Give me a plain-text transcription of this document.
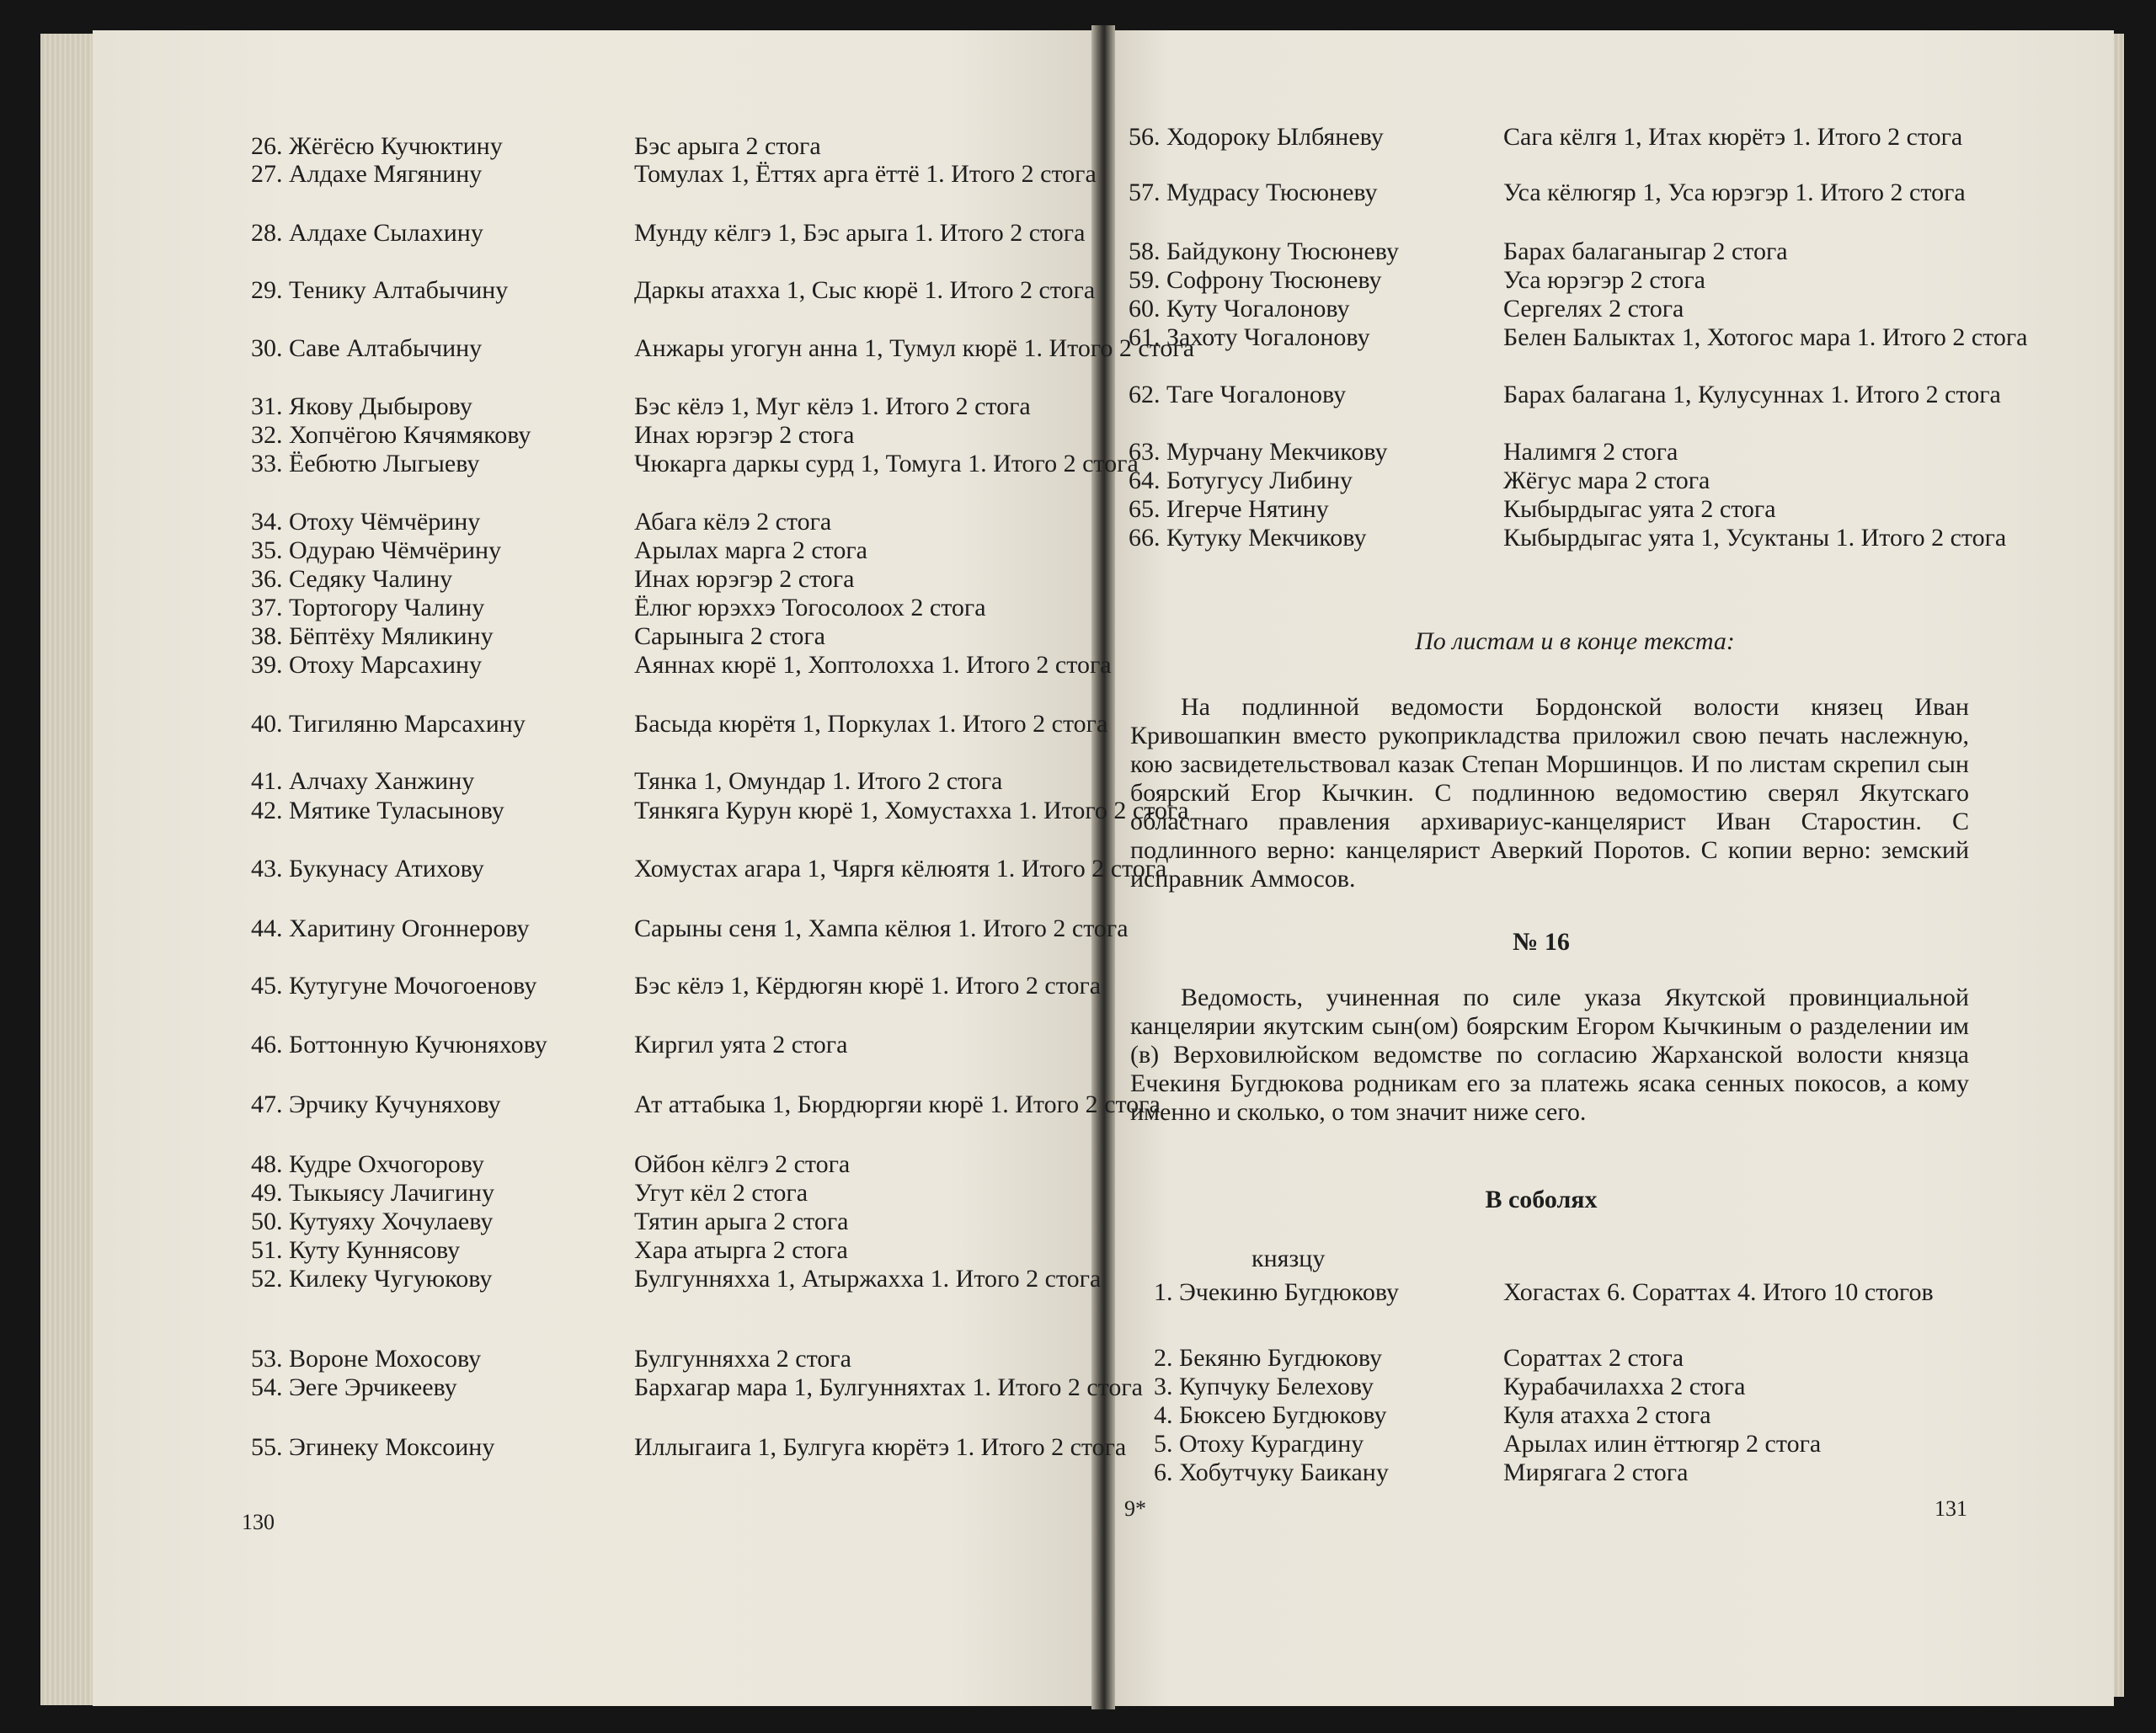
26. Жёгёсю Кучюктину	Бэс арыга 2 стога
27. Алдахе Мягянину	Томулах 1, Ёттях арга ёттё 1. Итого 2 стога
28. Алдахе Сылахину	Мунду кёлгэ 1, Бэс арыга 1. Итого 2 стога
29. Тенику Алтабычину	Даркы атахха 1, Сыс кюрё 1. Итого 2 стога
30. Саве Алтабычину	Анжары угогун анна 1, Тумул кюрё 1. Итого 2 стога
31. Якову Дыбырову	Бэс кёлэ 1, Муг кёлэ 1. Итого 2 стога
32. Хопчёгою Кячямякову	Инах юрэгэр 2 стога
33. Ёебютю Лыгыеву	Чюкарга даркы сурд 1, Томуга 1. Итого 2 стога
34. Отоху Чёмчёрину	Абага кёлэ 2 стога
35. Одураю Чёмчёрину	Арылах марга 2 стога
36. Седяку Чалину	Инах юрэгэр 2 стога
37. Тортогору Чалину	Ёлюг юрэххэ Тогосолоох 2 стога
38. Бёптёху Мяликину	Сарыныга 2 стога
39. Отоху Марсахину	Аяннах кюрё 1, Хоптолохха 1. Итого 2 стога
40. Тигиляню Марсахину	Басыда кюрётя 1, Поркулах 1. Итого 2 стога
41. Алчаху Ханжину	Тянка 1, Омундар 1. Итого 2 стога
42. Мятике Туласынову	Тянкяга Курун кюрё 1, Хомустахха 1. Итого 2 стога
43. Букунасу Атихову	Хомустах агара 1, Чяргя кёлюятя 1. Итого 2 стога
44. Харитину Огоннерову	Сарыны сеня 1, Хампа кёлюя 1. Итого 2 стога
45. Кутугуне Мочогоенову	Бэс кёлэ 1, Кёрдюгян кюрё 1. Итого 2 стога
46. Боттонную Кучюняхову	Киргил уята 2 стога
47. Эрчику Кучуняхову	Ат аттабыка 1, Бюрдюргяи кюрё 1. Итого 2 стога
48. Кудре Охчогорову	Ойбон кёлгэ 2 стога
49. Тыкыясу Лачигину	Угут кёл 2 стога
50. Кутуяху Хочулаеву	Тятин арыга 2 стога
51. Куту Куннясову	Хара атырга 2 стога
52. Килеку Чугуюкову	Булгунняхха 1, Атыржахха 1. Итого 2 стога
53. Вороне Мохосову	Булгунняхха 2 стога
54. Эеге Эрчикееву	Бархагар мара 1, Булгунняхтах 1. Итого 2 стога
55. Эгинеку Моксоину	Иллыгаига 1, Булгуга кюрётэ 1. Итого 2 стога
130
56. Ходороку Ылбяневу	Сага кёлгя 1, Итах кюрётэ 1. Итого 2 стога
57. Мудрасу Тюсюневу	Уса кёлюгяр 1, Уса юрэгэр 1. Итого 2 стога
58. Байдукону Тюсюневу	Барах балаганыгар 2 стога
59. Софрону Тюсюневу	Уса юрэгэр 2 стога
60. Куту Чогалонову	Сергелях 2 стога
61. Захоту Чогалонову	Белен Балыктах 1, Хотогос мара 1. Итого 2 стога
62. Таге Чогалонову	Барах балагана 1, Кулусуннах 1. Итого 2 стога
63. Мурчану Мекчикову	Налимгя 2 стога
64. Ботугусу Либину	Жёгус мара 2 стога
65. Игерче Нятину	Кыбырдыгас уята 2 стога
66. Кутуку Мекчикову	Кыбырдыгас уята 1, Усуктаны 1. Итого 2 стога
По листам и в конце текста:
На подлинной ведомости Бордонской волости князец Иван Кривошапкин вместо рукоприкладства приложил свою печать наслежную, кою засвидетельствовал казак Степан Моршинцов. И по листам скрепил сын боярский Егор Кычкин. С подлинною ведомостию сверял Якутскаго областнаго правления архивариус-канцелярист Иван Старостин. С подлинного верно: канцелярист Аверкий Поротов. С копии верно: земский исправник Аммосов.
№ 16
Ведомость, учиненная по силе указа Якутской провинциальной канцелярии якутским сын(ом) боярским Егором Кычкиным о разделении им (в) Верховилюйском ведомстве по согласию Жарханской волости князца Ечекиня Бугдюкова родникам его за платежь ясака сенных покосов, а кому именно и сколько, о том значит ниже сего.
В соболях
князцу
1. Эчекиню Бугдюкову	Хогастах 6. Сораттах 4. Итого 10 стогов
2. Бекяню Бугдюкову	Сораттах 2 стога
3. Купчуку Белехову	Курабачилахха 2 стога
4. Бюксею Бугдюкову	Куля атахха 2 стога
5. Отоху Курагдину	Арылах илин ёттюгяр 2 стога
6. Хобутчуку Баикану	Мирягага 2 стога
9*	131
